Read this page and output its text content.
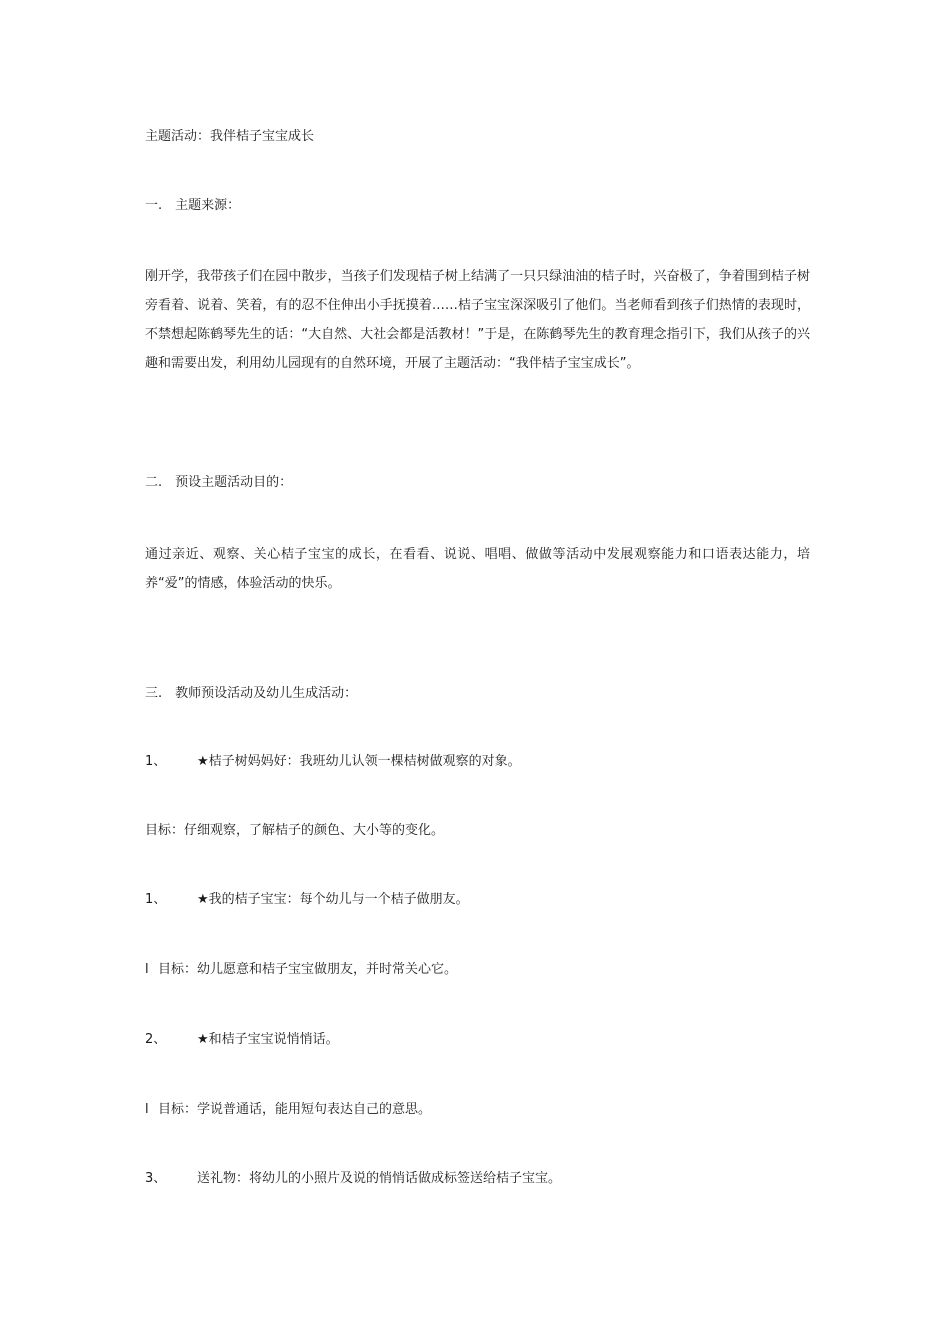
主题活动：我伴桔子宝宝成长
一.　主题来源：
刚开学，我带孩子们在园中散步，当孩子们发现桔子树上结满了一只只绿油油的桔子时，兴奋极了，争着围到桔子树旁看着、说着、笑着，有的忍不住伸出小手抚摸着……桔子宝宝深深吸引了他们。当老师看到孩子们热情的表现时，不禁想起陈鹤琴先生的话：“大自然、大社会都是活教材！”于是，在陈鹤琴先生的教育理念指引下，我们从孩子的兴趣和需要出发，利用幼儿园现有的自然环境，开展了主题活动：“我伴桔子宝宝成长”。
二.　预设主题活动目的：
通过亲近、观察、关心桔子宝宝的成长，在看看、说说、唱唱、做做等活动中发展观察能力和口语表达能力，培养“爱”的情感，体验活动的快乐。
三.　教师预设活动及幼儿生成活动：
1、 ★桔子树妈妈好：我班幼儿认领一棵桔树做观察的对象。
目标：仔细观察，了解桔子的颜色、大小等的变化。
1、 ★我的桔子宝宝：每个幼儿与一个桔子做朋友。
l 目标：幼儿愿意和桔子宝宝做朋友，并时常关心它。
2、 ★和桔子宝宝说悄悄话。
l 目标：学说普通话，能用短句表达自己的意思。
3、 送礼物：将幼儿的小照片及说的悄悄话做成标签送给桔子宝宝。
